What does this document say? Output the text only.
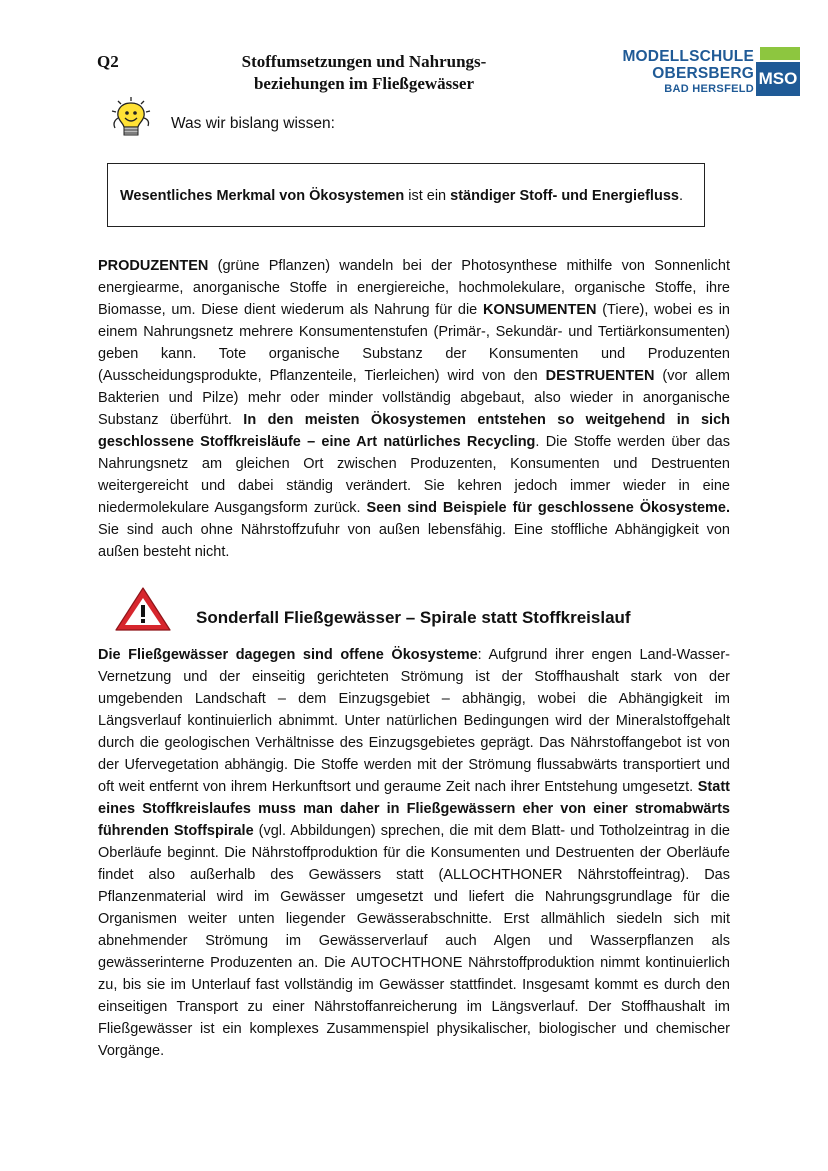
Q2	Stoffumsetzungen und Nahrungs-
beziehungen im Fließgewässer
MODELLSCHULE
OBERSBERG
BAD HERSFELD
MSO
Was wir bislang wissen:

Wesentliches Merkmal von Ökosystemen ist ein ständiger Stoff- und Energiefluss.

PRODUZENTEN (grüne Pflanzen) wandeln bei der Photosynthese mithilfe von Sonnenlicht energiearme, anorganische Stoffe in energiereiche, hochmolekulare, organische Stoffe, ihre Biomasse, um. Diese dient wiederum als Nahrung für die KONSUMENTEN (Tiere), wobei es in einem Nahrungsnetz mehrere Konsumentenstufen (Primär-, Sekundär- und Tertiärkonsumenten) geben kann. Tote organische Substanz der Konsumenten und Produzenten (Ausscheidungsprodukte, Pflanzenteile, Tierleichen) wird von den DESTRUENTEN (vor allem Bakterien und Pilze) mehr oder minder vollständig abgebaut, also wieder in anorganische Substanz überführt. In den meisten Ökosystemen entstehen so weitgehend in sich geschlossene Stoffkreisläufe – eine Art natürliches Recycling. Die Stoffe werden über das Nahrungsnetz am gleichen Ort zwischen Produzenten, Konsumenten und Destruenten weitergereicht und dabei ständig verändert. Sie kehren jedoch immer wieder in eine niedermolekulare Ausgangsform zurück. Seen sind Beispiele für geschlossene Ökosysteme. Sie sind auch ohne Nährstoffzufuhr von außen lebensfähig. Eine stoffliche Abhängigkeit von außen besteht nicht.

Sonderfall Fließgewässer – Spirale statt Stoffkreislauf

Die Fließgewässer dagegen sind offene Ökosysteme: Aufgrund ihrer engen Land-Wasser-Vernetzung und der einseitig gerichteten Strömung ist der Stoffhaushalt stark von der umgebenden Landschaft – dem Einzugsgebiet – abhängig, wobei die Abhängigkeit im Längsverlauf kontinuierlich abnimmt. Unter natürlichen Bedingungen wird der Mineralstoffgehalt durch die geologischen Verhältnisse des Einzugsgebietes geprägt. Das Nährstoffangebot ist von der Ufervegetation abhängig. Die Stoffe werden mit der Strömung flussabwärts transportiert und oft weit entfernt von ihrem Herkunftsort und geraume Zeit nach ihrer Entstehung umgesetzt. Statt eines Stoffkreislaufes muss man daher in Fließgewässern eher von einer stromabwärts führenden Stoffspirale (vgl. Abbildungen) sprechen, die mit dem Blatt- und Totholzeintrag in die Oberläufe beginnt. Die Nährstoffproduktion für die Konsumenten und Destruenten der Oberläufe findet also außerhalb des Gewässers statt (ALLOCHTHONER Nährstoffeintrag). Das Pflanzenmaterial wird im Gewässer umgesetzt und liefert die Nahrungsgrundlage für die Organismen weiter unten liegender Gewässerabschnitte. Erst allmählich siedeln sich mit abnehmender Strömung im Gewässerverlauf auch Algen und Wasserpflanzen als gewässerinterne Produzenten an. Die AUTOCHTHONE Nährstoffproduktion nimmt kontinuierlich zu, bis sie im Unterlauf fast vollständig im Gewässer stattfindet. Insgesamt kommt es durch den einseitigen Transport zu einer Nährstoffanreicherung im Längsverlauf. Der Stoffhaushalt im Fließgewässer ist ein komplexes Zusammenspiel physikalischer, biologischer und chemischer Vorgänge.
